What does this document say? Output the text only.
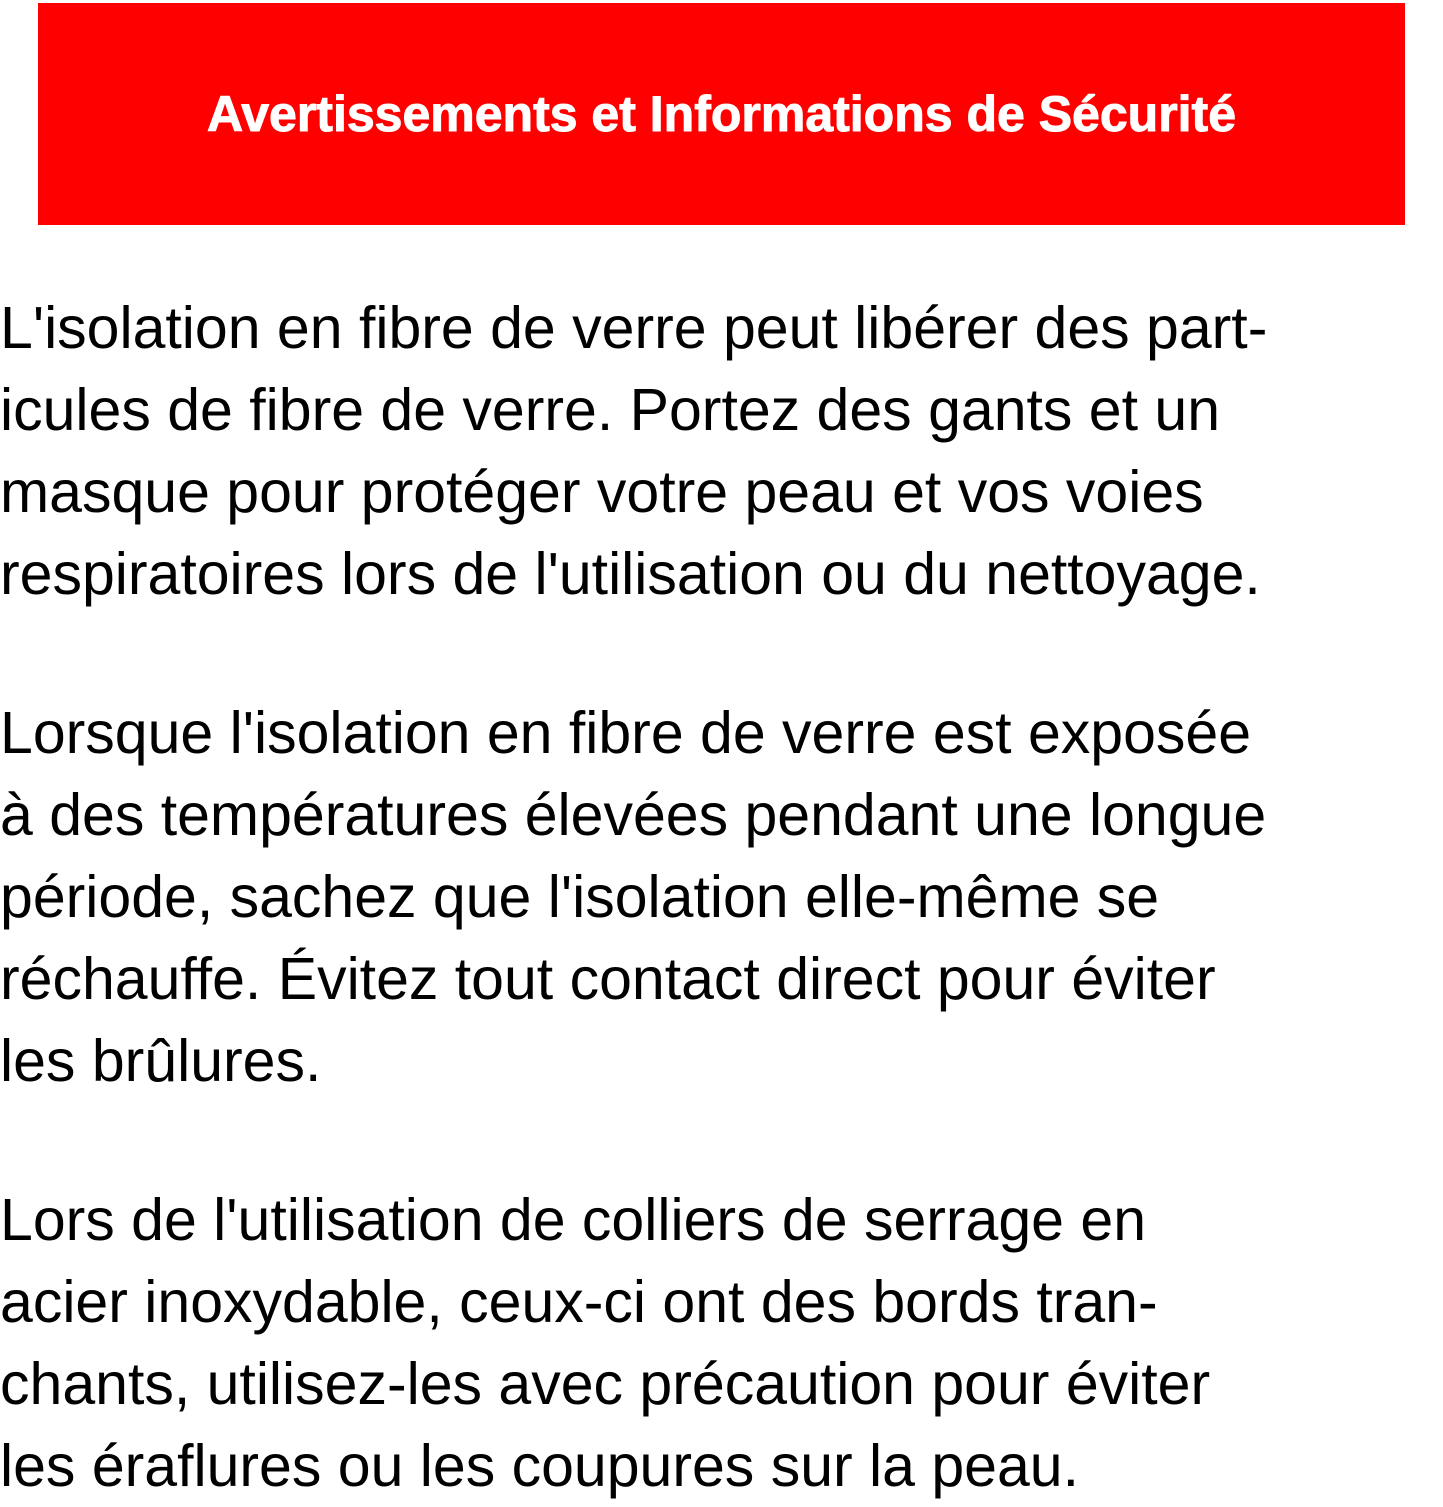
Avertissements et Informations de Sécurité
L'isolation en fibre de verre peut libérer des part-
icules de fibre de verre. Portez des gants et un
masque pour protéger votre peau et vos voies
respiratoires lors de l'utilisation ou du nettoyage.
Lorsque l'isolation en fibre de verre est exposée
à des températures élevées pendant une longue
période, sachez que l'isolation elle-même se
réchauffe. Évitez tout contact direct pour éviter
les brûlures.
Lors de l'utilisation de colliers de serrage en
acier inoxydable, ceux-ci ont des bords tran-
chants, utilisez-les avec précaution pour éviter
les éraflures ou les coupures sur la peau.
